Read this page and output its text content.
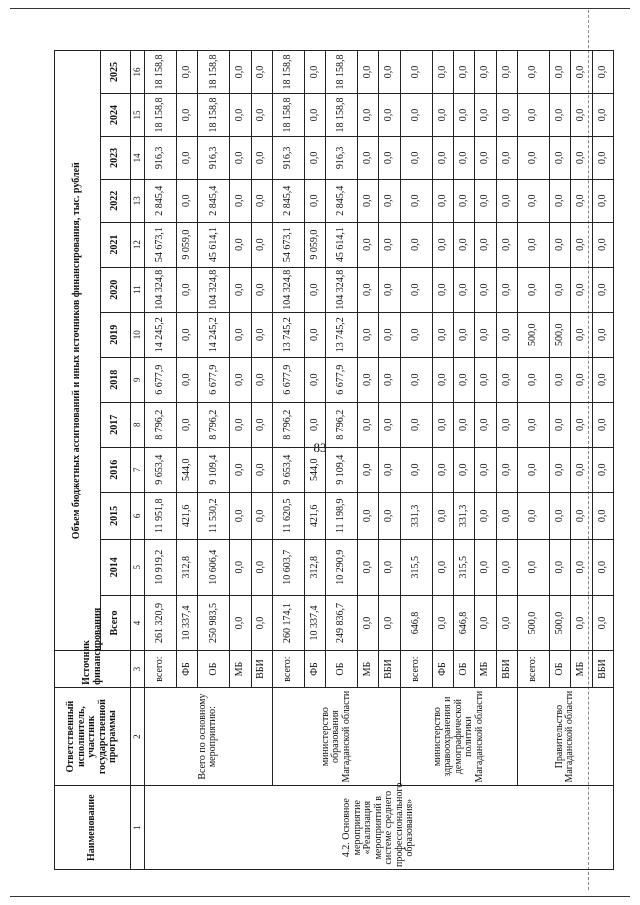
83
Наименование	Ответственный исполнитель, участник государственной программы	Источник финансирования	Объем бюджетных ассигнований и иных источников финансирования, тыс. рублей												
			Всего	2014	2015	2016	2017	2018	2019	2020	2021	2022	2023	2024	2025
1	2	3	4	5	6	7	8	9	10	11	12	13	14	15	16
4.2. Основное мероприятие «Реализация мероприятий в системе среднего профессионального образования»	Всего по основному мероприятию:	всего:	261 320,9	10 919,2	11 951,8	9 653,4	8 796,2	6 677,9	14 245,2	104 324,8	54 673,1	2 845,4	916,3	18 158,8	18 158,8
		ФБ	10 337,4	312,8	421,6	544,0	0,0	0,0	0,0	0,0	9 059,0	0,0	0,0	0,0	0,0
		ОБ	250 983,5	10 606,4	11 530,2	9 109,4	8 796,2	6 677,9	14 245,2	104 324,8	45 614,1	2 845,4	916,3	18 158,8	18 158,8
		МБ	0,0	0,0	0,0	0,0	0,0	0,0	0,0	0,0	0,0	0,0	0,0	0,0	0,0
		ВБИ	0,0	0,0	0,0	0,0	0,0	0,0	0,0	0,0	0,0	0,0	0,0	0,0	0,0
	министерство образования Магаданской области	всего:	260 174,1	10 603,7	11 620,5	9 653,4	8 796,2	6 677,9	13 745,2	104 324,8	54 673,1	2 845,4	916,3	18 158,8	18 158,8
		ФБ	10 337,4	312,8	421,6	544,0	0,0	0,0	0,0	0,0	9 059,0	0,0	0,0	0,0	0,0
		ОБ	249 836,7	10 290,9	11 198,9	9 109,4	8 796,2	6 677,9	13 745,2	104 324,8	45 614,1	2 845,4	916,3	18 158,8	18 158,8
		МБ	0,0	0,0	0,0	0,0	0,0	0,0	0,0	0,0	0,0	0,0	0,0	0,0	0,0
		ВБИ	0,0	0,0	0,0	0,0	0,0	0,0	0,0	0,0	0,0	0,0	0,0	0,0	0,0
	министерство здравоохранения и демографической политики Магаданской области	всего:	646,8	315,5	331,3	0,0	0,0	0,0	0,0	0,0	0,0	0,0	0,0	0,0	0,0
		ФБ	0,0	0,0	0,0	0,0	0,0	0,0	0,0	0,0	0,0	0,0	0,0	0,0	0,0
		ОБ	646,8	315,5	331,3	0,0	0,0	0,0	0,0	0,0	0,0	0,0	0,0	0,0	0,0
		МБ	0,0	0,0	0,0	0,0	0,0	0,0	0,0	0,0	0,0	0,0	0,0	0,0	0,0
		ВБИ	0,0	0,0	0,0	0,0	0,0	0,0	0,0	0,0	0,0	0,0	0,0	0,0	0,0
	Правительство Магаданской области	всего:	500,0	0,0	0,0	0,0	0,0	0,0	500,0	0,0	0,0	0,0	0,0	0,0	0,0
		ОБ	500,0	0,0	0,0	0,0	0,0	0,0	500,0	0,0	0,0	0,0	0,0	0,0	0,0
		МБ	0,0	0,0	0,0	0,0	0,0	0,0	0,0	0,0	0,0	0,0	0,0	0,0	0,0
		ВБИ	0,0	0,0	0,0	0,0	0,0	0,0	0,0	0,0	0,0	0,0	0,0	0,0	0,0
